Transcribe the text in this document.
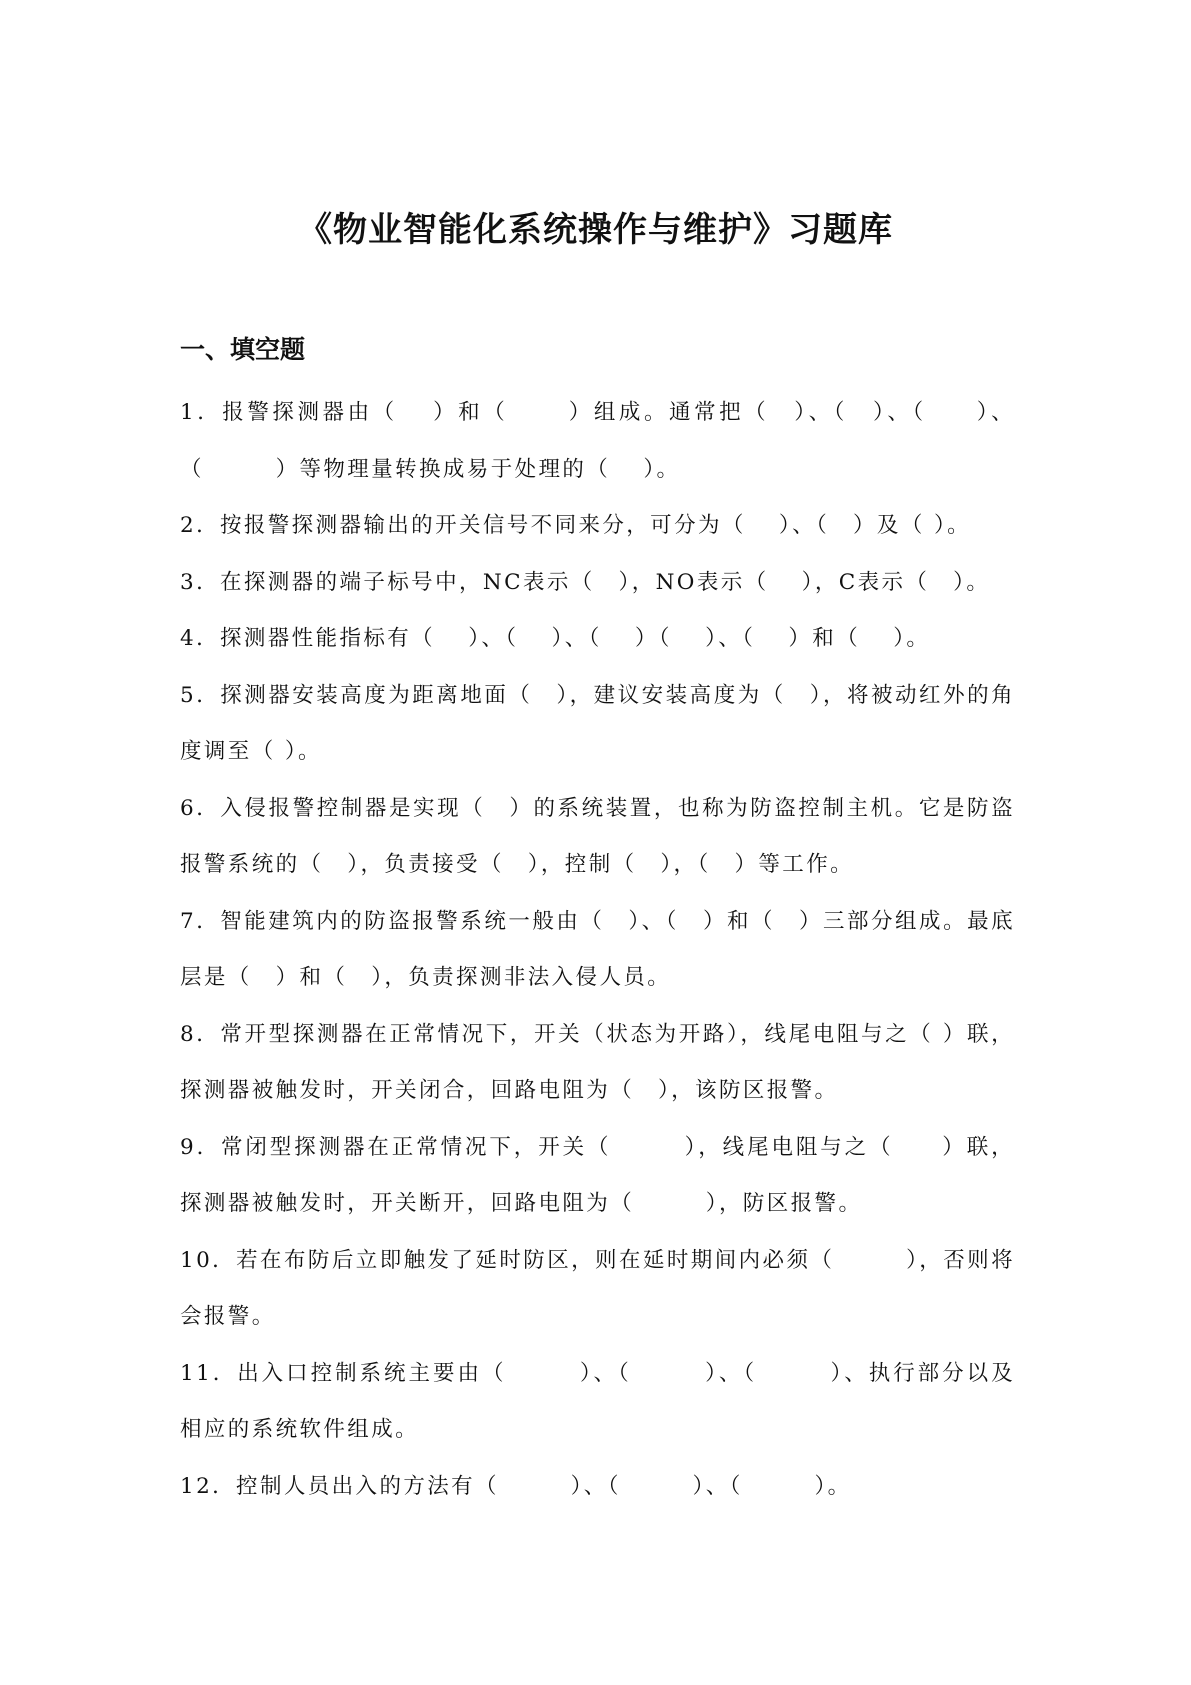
《物业智能化系统操作与维护》习题库
一、填空题
1．报警探测器由（　 ）和（　　 ）组成。通常把（　）、（　）、（　　）、（　　　）等物理量转换成易于处理的（　 ）。
2．按报警探测器输出的开关信号不同来分，可分为（　 ）、（　）及（ ）。
3．在探测器的端子标号中，NC表示（　），NO表示（　 ），C表示（　）。
4．探测器性能指标有（　 ）、（　 ）、（　 ）（　 ）、（　 ）和（　 ）。
5．探测器安装高度为距离地面（　），建议安装高度为（　），将被动红外的角度调至（ ）。
6．入侵报警控制器是实现（　）的系统装置，也称为防盗控制主机。它是防盗报警系统的（　），负责接受（　），控制（　），（　）等工作。
7．智能建筑内的防盗报警系统一般由（　）、（　）和（　）三部分组成。最底层是（　）和（　），负责探测非法入侵人员。
8．常开型探测器在正常情况下，开关（状态为开路），线尾电阻与之（ ）联，探测器被触发时，开关闭合，回路电阻为（　），该防区报警。
9．常闭型探测器在正常情况下，开关（　　　），线尾电阻与之（　　）联，探测器被触发时，开关断开，回路电阻为（　　　），防区报警。
10．若在布防后立即触发了延时防区，则在延时期间内必须（　　　），否则将会报警。
11．出入口控制系统主要由（　　　）、（　　　）、（　　　）、执行部分以及相应的系统软件组成。
12．控制人员出入的方法有（　　　）、（　　　）、（　　　）。
